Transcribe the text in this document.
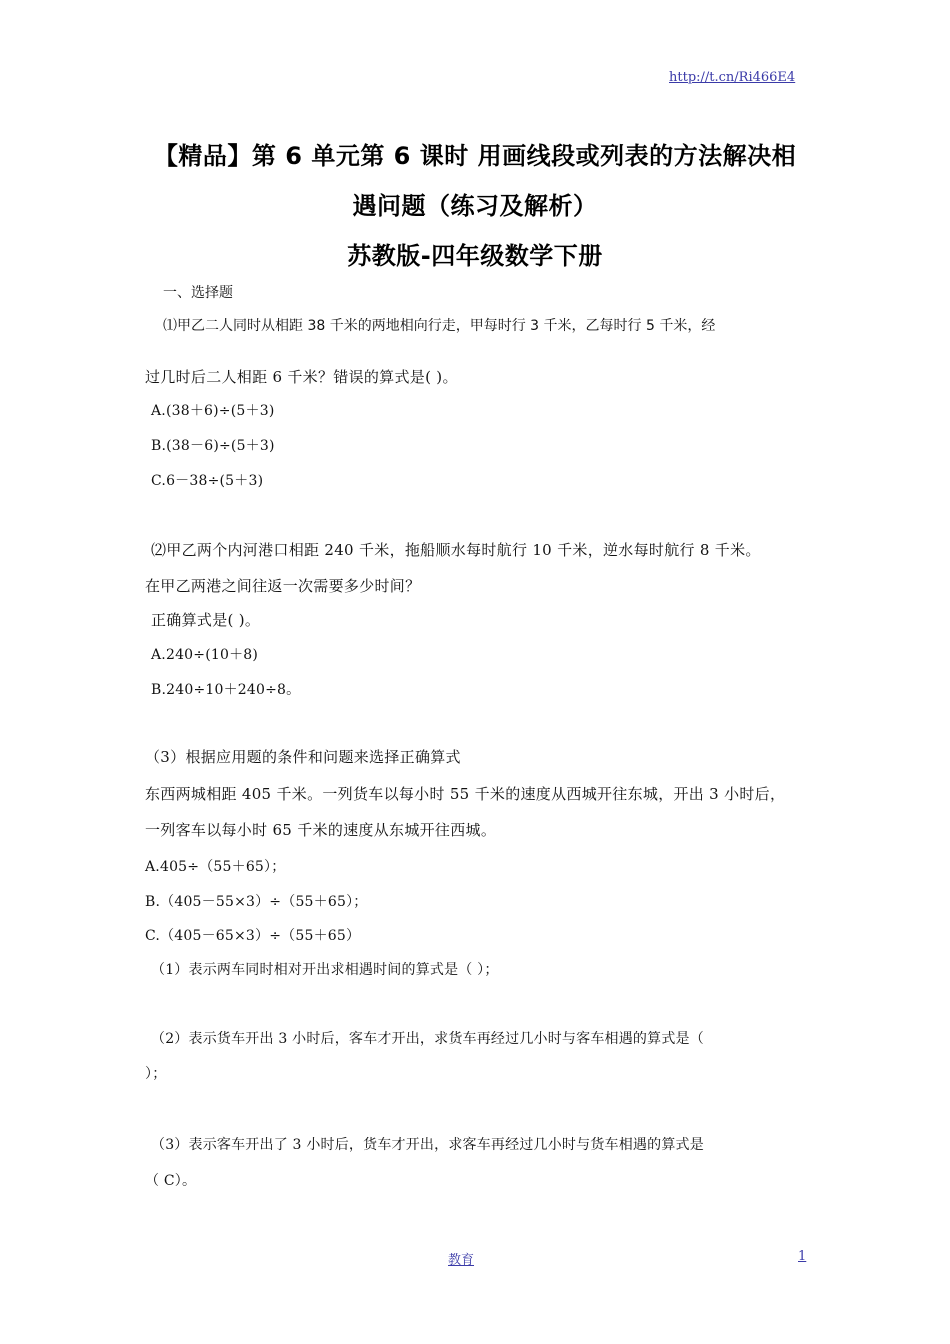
http://t.cn/Ri466E4
【精品】第 6 单元第 6 课时 用画线段或列表的方法解决相
遇问题（练习及解析）
苏教版-四年级数学下册
一、选择题
⑴甲乙二人同时从相距 38 千米的两地相向行走，甲每时行 3 千米，乙每时行 5 千米，经
过几时后二人相距 6 千米？错误的算式是( )。
A.(38＋6)÷(5＋3)
B.(38－6)÷(5＋3)
C.6－38÷(5＋3)
⑵甲乙两个内河港口相距 240 千米，拖船顺水每时航行 10 千米，逆水每时航行 8 千米。
在甲乙两港之间往返一次需要多少时间？
正确算式是( )。
A.240÷(10＋8)
B.240÷10＋240÷8。
（3）根据应用题的条件和问题来选择正确算式
东西两城相距 405 千米。一列货车以每小时 55 千米的速度从西城开往东城，开出 3 小时后，
一列客车以每小时 65 千米的速度从东城开往西城。
A.405÷（55＋65）；
B.（405－55×3）÷（55＋65）；
C.（405－65×3）÷（55＋65）
（1）表示两车同时相对开出求相遇时间的算式是（ ）；
（2）表示货车开出 3 小时后，客车才开出，求货车再经过几小时与客车相遇的算式是（
）；
（3）表示客车开出了 3 小时后，货车才开出，求客车再经过几小时与货车相遇的算式是
（ C）。
教育	1
